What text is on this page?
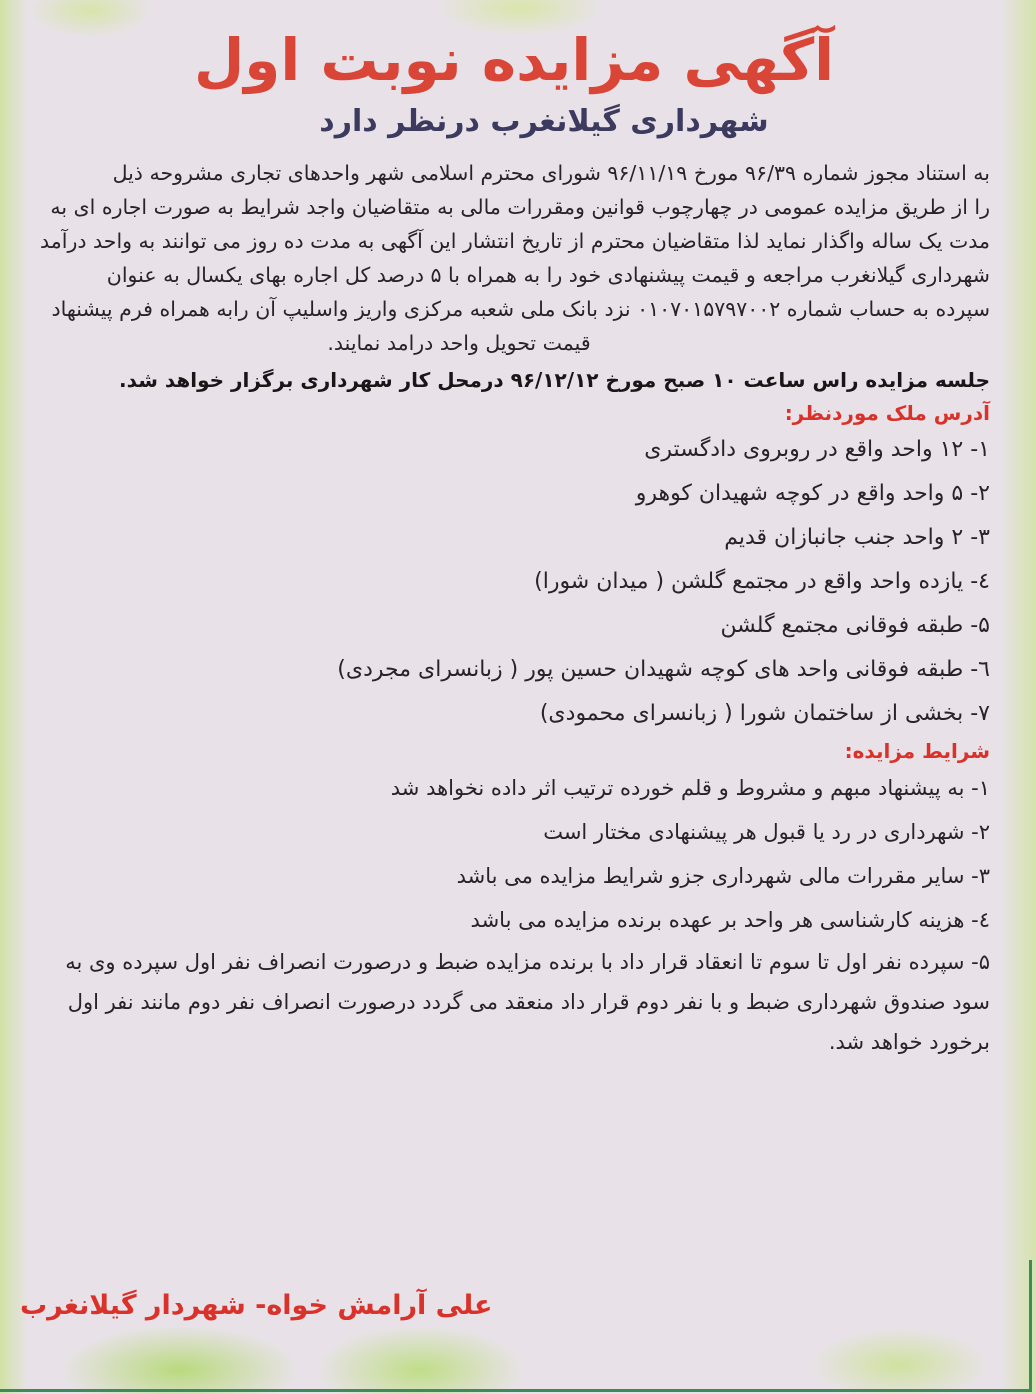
آگهی مزایده نوبت اول
شهرداری گیلانغرب درنظر دارد
به استناد مجوز شماره ۹۶/۳۹ مورخ ۹۶/۱۱/۱۹ شورای محترم اسلامی شهر واحدهای تجاری مشروحه ذیل
را از طریق مزایده عمومی در چهارچوب قوانین ومقررات مالی به متقاضیان واجد شرایط به صورت اجاره ای به
مدت یک ساله واگذار نماید لذا متقاضیان محترم از تاریخ انتشار این آگهی به مدت ده روز می توانند به واحد درآمد
شهرداری گیلانغرب مراجعه و قیمت پیشنهادی خود را به همراه با ۵ درصد کل اجاره بهای یکسال به عنوان
سپرده به حساب شماره ۰۱۰۷۰۱۵۷۹۷۰۰۲ نزد بانک ملی شعبه مرکزی واریز واسلیپ آن رابه همراه فرم پیشنهاد
قیمت تحویل واحد درامد نمایند.

جلسه مزایده راس ساعت ۱۰ صبح مورخ ۹۶/۱۲/۱۲ درمحل کار شهرداری برگزار خواهد شد.

آدرس ملک موردنظر:

۱- ۱۲ واحد واقع در روبروی دادگستری
۲- ۵ واحد واقع در کوچه شهیدان کوهرو
۳- ۲ واحد جنب جانبازان قدیم
٤- یازده واحد واقع در مجتمع گلشن ( میدان شورا)
۵- طبقه فوقانی مجتمع گلشن
٦- طبقه فوقانی واحد های کوچه شهیدان حسین پور ( زبانسرای مجردی)
۷- بخشی از ساختمان شورا ( زبانسرای محمودی)

شرایط مزایده:

۱- به پیشنهاد مبهم و مشروط و قلم خورده ترتیب اثر داده نخواهد شد
۲- شهرداری در رد یا قبول هر پیشنهادی مختار است
۳- سایر مقررات مالی شهرداری جزو شرایط مزایده می باشد
٤- هزینه کارشناسی هر واحد بر عهده برنده مزایده می باشد
۵- سپرده نفر اول تا سوم تا انعقاد قرار داد با برنده مزایده ضبط و درصورت انصراف نفر اول سپرده وی به سود صندوق شهرداری ضبط و با نفر دوم قرار داد منعقد می گردد درصورت انصراف نفر دوم مانند نفر اول برخورد خواهد شد.
علی آرامش خواه- شهردار گیلانغرب
